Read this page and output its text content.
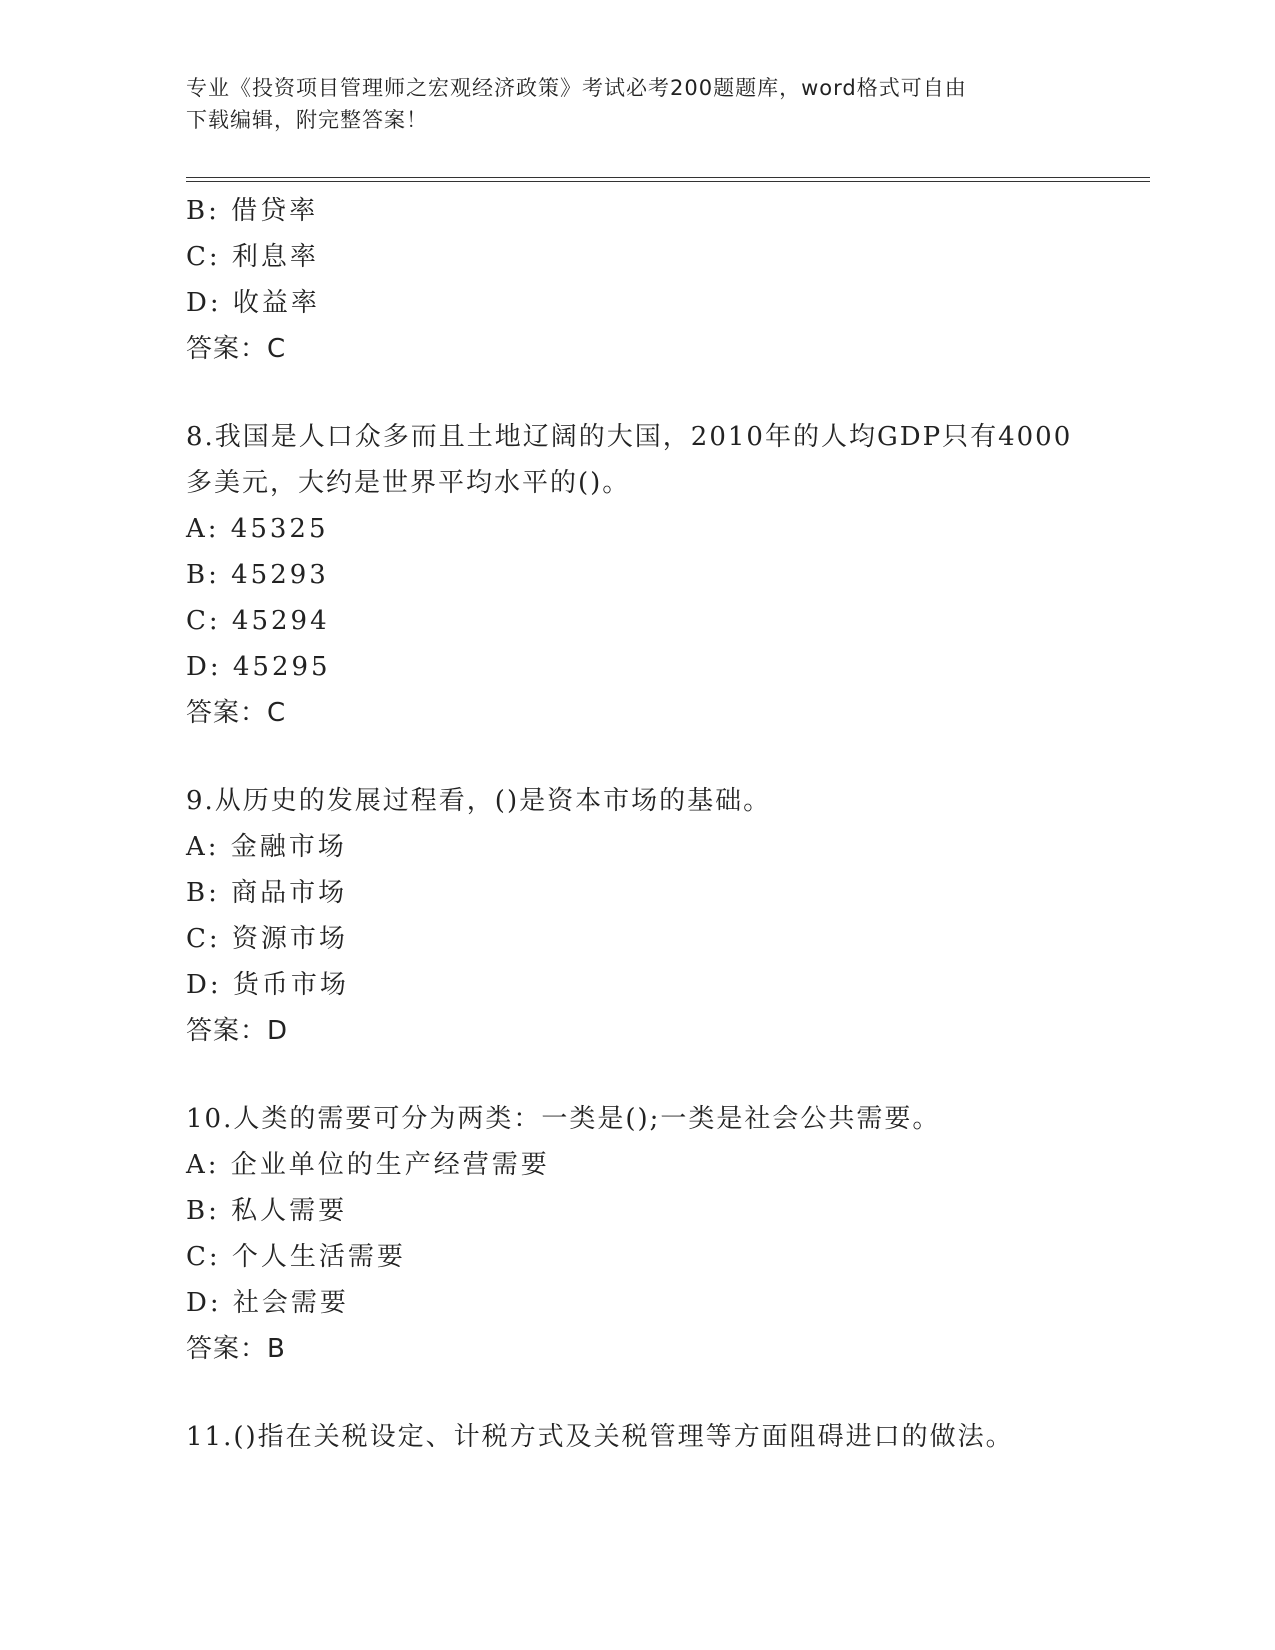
专业《投资项目管理师之宏观经济政策》考试必考200题题库，word格式可自由
下载编辑，附完整答案！
B: 借贷率
C: 利息率
D: 收益率
答案：C
8.我国是人口众多而且土地辽阔的大国，2010年的人均GDP只有4000
多美元，大约是世界平均水平的()。
A: 45325
B: 45293
C: 45294
D: 45295
答案：C
9.从历史的发展过程看，()是资本市场的基础。
A: 金融市场
B: 商品市场
C: 资源市场
D: 货币市场
答案：D
10.人类的需要可分为两类：一类是();一类是社会公共需要。
A: 企业单位的生产经营需要
B: 私人需要
C: 个人生活需要
D: 社会需要
答案：B
11.()指在关税设定、计税方式及关税管理等方面阻碍进口的做法。
